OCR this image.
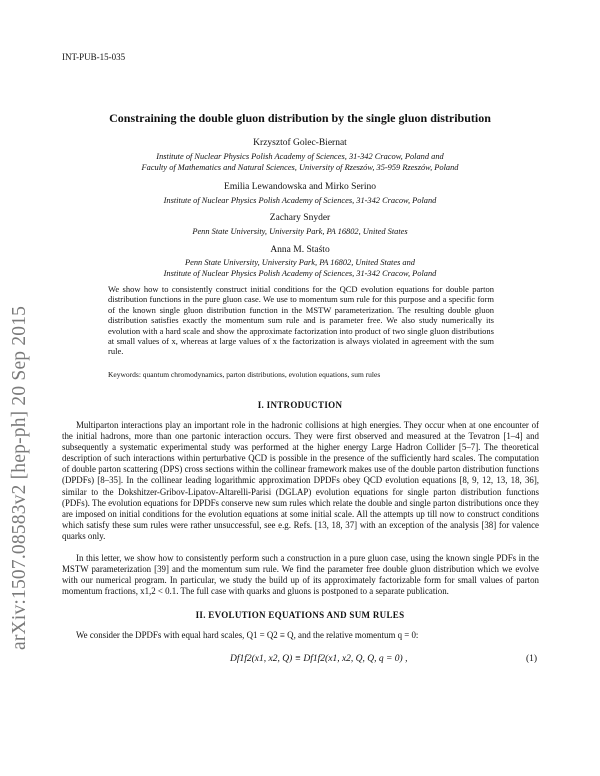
INT-PUB-15-035
arXiv:1507.08583v2 [hep-ph] 20 Sep 2015
Constraining the double gluon distribution by the single gluon distribution
Krzysztof Golec-Biernat
Institute of Nuclear Physics Polish Academy of Sciences, 31-342 Cracow, Poland and
Faculty of Mathematics and Natural Sciences, University of Rzeszów, 35-959 Rzeszów, Poland
Emilia Lewandowska and Mirko Serino
Institute of Nuclear Physics Polish Academy of Sciences, 31-342 Cracow, Poland
Zachary Snyder
Penn State University, University Park, PA 16802, United States
Anna M. Staśto
Penn State University, University Park, PA 16802, United States and
Institute of Nuclear Physics Polish Academy of Sciences, 31-342 Cracow, Poland
We show how to consistently construct initial conditions for the QCD evolution equations for double parton distribution functions in the pure gluon case. We use to momentum sum rule for this purpose and a specific form of the known single gluon distribution function in the MSTW parameterization. The resulting double gluon distribution satisfies exactly the momentum sum rule and is parameter free. We also study numerically its evolution with a hard scale and show the approximate factorization into product of two single gluon distributions at small values of x, whereas at large values of x the factorization is always violated in agreement with the sum rule.
Keywords: quantum chromodynamics, parton distributions, evolution equations, sum rules
I. INTRODUCTION
Multiparton interactions play an important role in the hadronic collisions at high energies. They occur when at one encounter of the initial hadrons, more than one partonic interaction occurs. They were first observed and measured at the Tevatron [1–4] and subsequently a systematic experimental study was performed at the higher energy Large Hadron Collider [5–7]. The theoretical description of such interactions within perturbative QCD is possible in the presence of the sufficiently hard scales. The computation of double parton scattering (DPS) cross sections within the collinear framework makes use of the double parton distribution functions (DPDFs) [8–35]. In the collinear leading logarithmic approximation DPDFs obey QCD evolution equations [8, 9, 12, 13, 18, 36], similar to the Dokshitzer-Gribov-Lipatov-Altarelli-Parisi (DGLAP) evolution equations for single parton distribution functions (PDFs). The evolution equations for DPDFs conserve new sum rules which relate the double and single parton distributions once they are imposed on initial conditions for the evolution equations at some initial scale. All the attempts up till now to construct conditions which satisfy these sum rules were rather unsuccessful, see e.g. Refs. [13, 18, 37] with an exception of the analysis [38] for valence quarks only.
In this letter, we show how to consistently perform such a construction in a pure gluon case, using the known single PDFs in the MSTW parameterization [39] and the momentum sum rule. We find the parameter free double gluon distribution which we evolve with our numerical program. In particular, we study the build up of its approximately factorizable form for small values of parton momentum fractions, x1,2 < 0.1. The full case with quarks and gluons is postponed to a separate publication.
II. EVOLUTION EQUATIONS AND SUM RULES
We consider the DPDFs with equal hard scales, Q1 = Q2 ≡ Q, and the relative momentum q = 0:
Df1f2(x1, x2, Q) ≡ Df1f2(x1, x2, Q, Q, q = 0) ,	(1)
